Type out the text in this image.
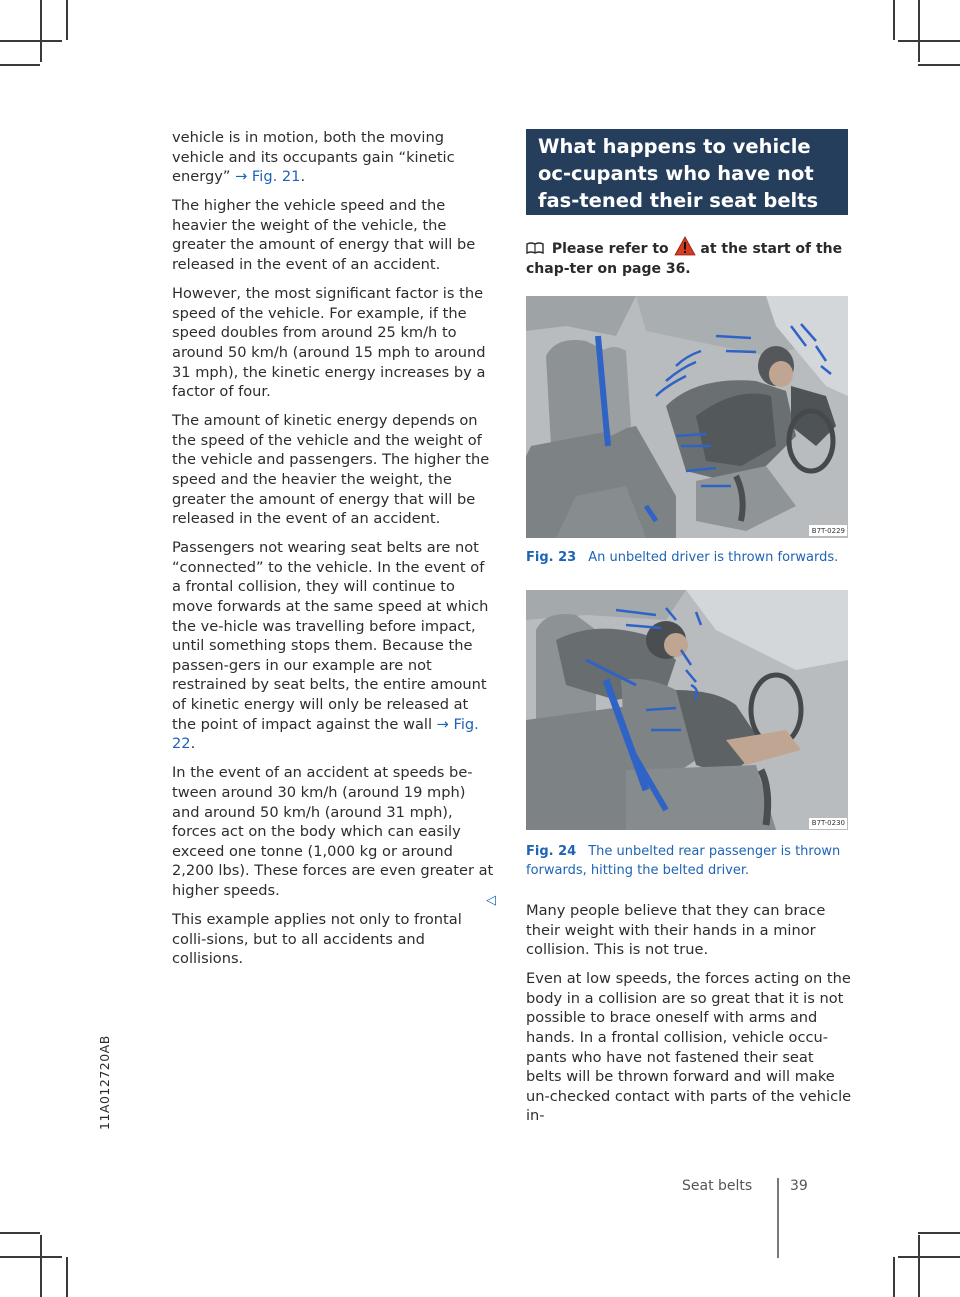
vehicle is in motion, both the moving vehicle and its occupants gain “kinetic energy” → Fig. 21.

The higher the vehicle speed and the heavier the weight of the vehicle, the greater the amount of energy that will be released in the event of an accident.

However, the most significant factor is the speed of the vehicle. For example, if the speed doubles from around 25 km/h to around 50 km/h (around 15 mph to around 31 mph), the kinetic energy increases by a factor of four.

The amount of kinetic energy depends on the speed of the vehicle and the weight of the vehicle and passengers. The higher the speed and the heavier the weight, the greater the amount of energy that will be released in the event of an accident.

Passengers not wearing seat belts are not “connected” to the vehicle. In the event of a frontal collision, they will continue to move forwards at the same speed at which the ve-hicle was travelling before impact, until something stops them. Because the passen-gers in our example are not restrained by seat belts, the entire amount of kinetic energy will only be released at the point of impact against the wall → Fig. 22.

In the event of an accident at speeds be-tween around 30 km/h (around 19 mph) and around 50 km/h (around 31 mph), forces act on the body which can easily exceed one tonne (1,000 kg or around 2,200 lbs). These forces are even greater at higher speeds.

This example applies not only to frontal colli-sions, but to all accidents and collisions.

◁
What happens to vehicle oc-cupants who have not fas-tened their seat belts
Please refer to at the start of the chap-ter on page 36.
B7T-0229
Fig. 23 An unbelted driver is thrown forwards.
B7T-0230
Fig. 24 The unbelted rear passenger is thrown forwards, hitting the belted driver.

Many people believe that they can brace their weight with their hands in a minor collision. This is not true.

Even at low speeds, the forces acting on the body in a collision are so great that it is not possible to brace oneself with arms and hands. In a frontal collision, vehicle occu-pants who have not fastened their seat belts will be thrown forward and will make un-checked contact with parts of the vehicle in-

11A012720AB
Seat belts	39
